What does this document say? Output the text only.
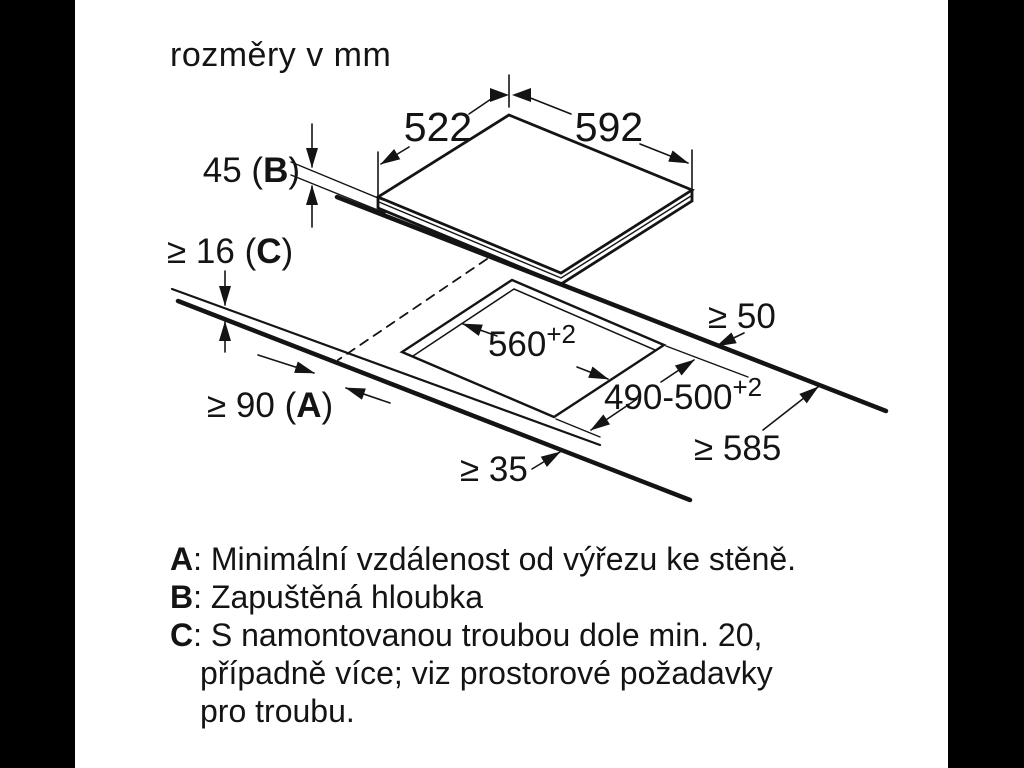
522	592
45 (B)
≥ 16 (C)
≥ 90 (A)
$560^{+2}$
$490-500^{+2}$
≥ 50
≥ 585
≥ 35
rozměry v mm
A: Minimální vzdálenost od výřezu ke stěně.
B: Zapuštěná hloubka
C: S namontovanou troubou dole min. 20,
případně více; viz prostorové požadavky
pro troubu.
